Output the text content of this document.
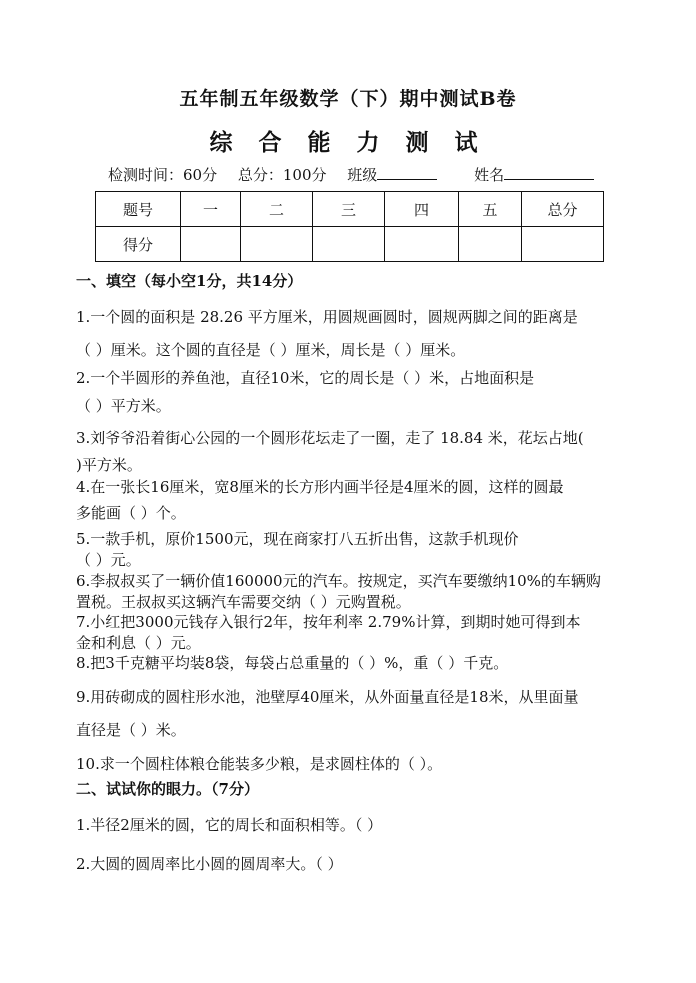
五年制五年级数学（下）期中测试B卷
综 合 能 力 测 试
检测时间：60分 总分：100分 班级	姓名
题号	一	二	三	四	五	总分
得分						
一、填空（每小空1分，共14分）
1.一个圆的面积是 28.26 平方厘米，用圆规画圆时，圆规两脚之间的距离是
（ ）厘米。这个圆的直径是（ ）厘米，周长是（ ）厘米。
2.一个半圆形的养鱼池，直径10米，它的周长是（ ）米，占地面积是
（ ）平方米。
3.刘爷爷沿着街心公园的一个圆形花坛走了一圈，走了 18.84 米，花坛占地(
)平方米。
4.在一张长16厘米，宽8厘米的长方形内画半径是4厘米的圆，这样的圆最
多能画（ ）个。
5.一款手机，原价1500元，现在商家打八五折出售，这款手机现价
（ ）元。
6.李叔叔买了一辆价值160000元的汽车。按规定，买汽车要缴纳10%的车辆购
置税。王叔叔买这辆汽车需要交纳（ ）元购置税。
7.小红把3000元钱存入银行2年，按年利率 2.79%计算，到期时她可得到本
金和利息（ ）元。
8.把3千克糖平均装8袋，每袋占总重量的（ ）%，重（ ）千克。
9.用砖砌成的圆柱形水池，池壁厚40厘米，从外面量直径是18米，从里面量
直径是（ ）米。
10.求一个圆柱体粮仓能装多少粮，是求圆柱体的（ ）。
二、试试你的眼力。（7分）
1.半径2厘米的圆，它的周长和面积相等。（ ）
2.大圆的圆周率比小圆的圆周率大。（ ）
